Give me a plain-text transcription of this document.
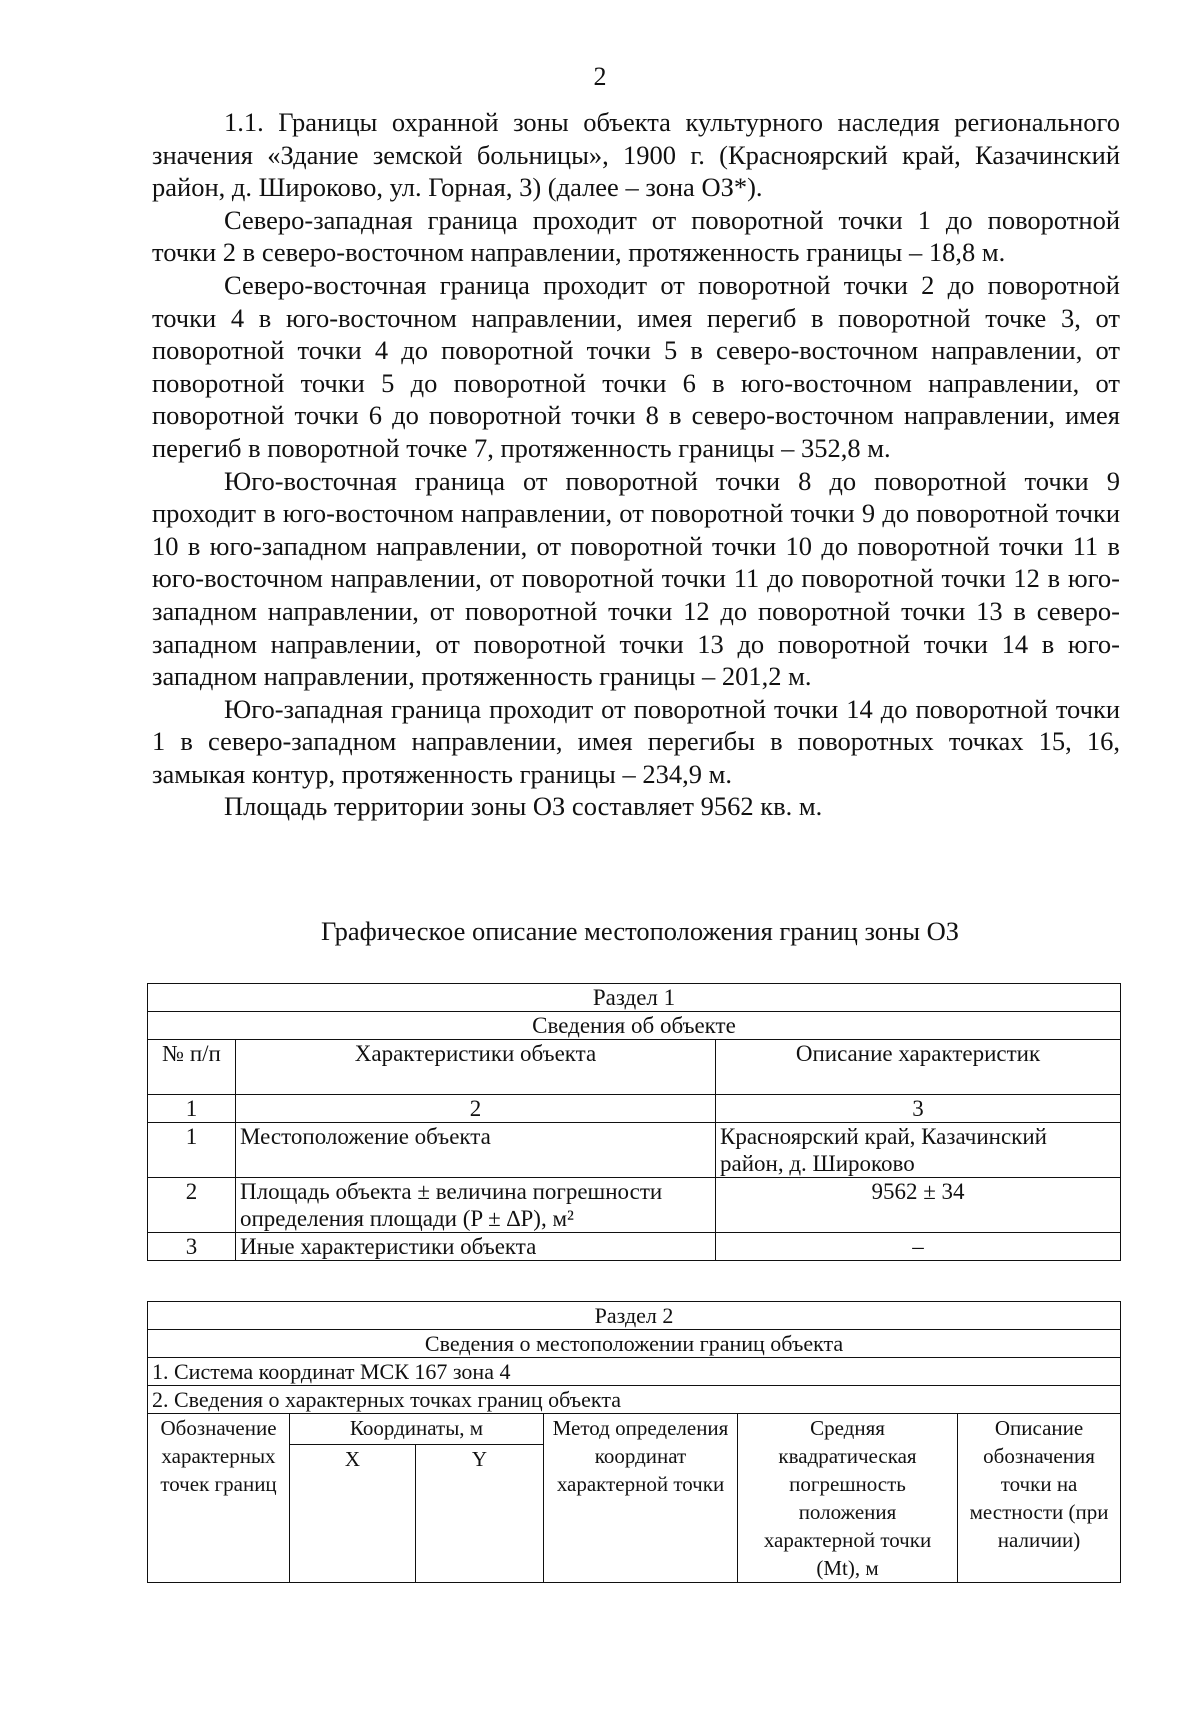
2

1.1. Границы охранной зоны объекта культурного наследия регионального значения «Здание земской больницы», 1900 г. (Красноярский край, Казачинский район, д. Широково, ул. Горная, 3) (далее – зона ОЗ*).

Северо-западная граница проходит от поворотной точки 1 до поворотной точки 2 в северо-восточном направлении, протяженность границы – 18,8 м.

Северо-восточная граница проходит от поворотной точки 2 до поворотной точки 4 в юго-восточном направлении, имея перегиб в поворотной точке 3, от поворотной точки 4 до поворотной точки 5 в северо-восточном направлении, от поворотной точки 5 до поворотной точки 6 в юго-восточном направлении, от поворотной точки 6 до поворотной точки 8 в северо-восточном направлении, имея перегиб в поворотной точке 7, протяженность границы – 352,8 м.

Юго-восточная граница от поворотной точки 8 до поворотной точки 9 проходит в юго-восточном направлении, от поворотной точки 9 до поворотной точки 10 в юго-западном направлении, от поворотной точки 10 до поворотной точки 11 в юго-восточном направлении, от поворотной точки 11 до поворотной точки 12 в юго-западном направлении, от поворотной точки 12 до поворотной точки 13 в северо-западном направлении, от поворотной точки 13 до поворотной точки 14 в юго-западном направлении, протяженность границы – 201,2 м.

Юго-западная граница проходит от поворотной точки 14 до поворотной точки 1 в северо-западном направлении, имея перегибы в поворотных точках 15, 16, замыкая контур, протяженность границы – 234,9 м.

Площадь территории зоны ОЗ составляет 9562 кв. м.

Графическое описание местоположения границ зоны ОЗ
Раздел 1		
Сведения об объекте		
№ п/п	Характеристики объекта	Описание характеристик
1	2	3
1	Местоположение объекта	Красноярский край, Казачинский район, д. Широково
2	Площадь объекта ± величина погрешности определения площади (P ± ∆P), м²	9562 ± 34
3	Иные характеристики объекта	–
Раздел 2					
Сведения о местоположении границ объекта					
1. Система координат МСК 167 зона 4					
2. Сведения о характерных точках границ объекта					
Обозначение характерных точек границ	Координаты, м		Метод определения координат характерной точки	Средняя квадратическая погрешность положения характерной точки (Mt), м	Описание обозначения точки на местности (при наличии)
	X	Y			
